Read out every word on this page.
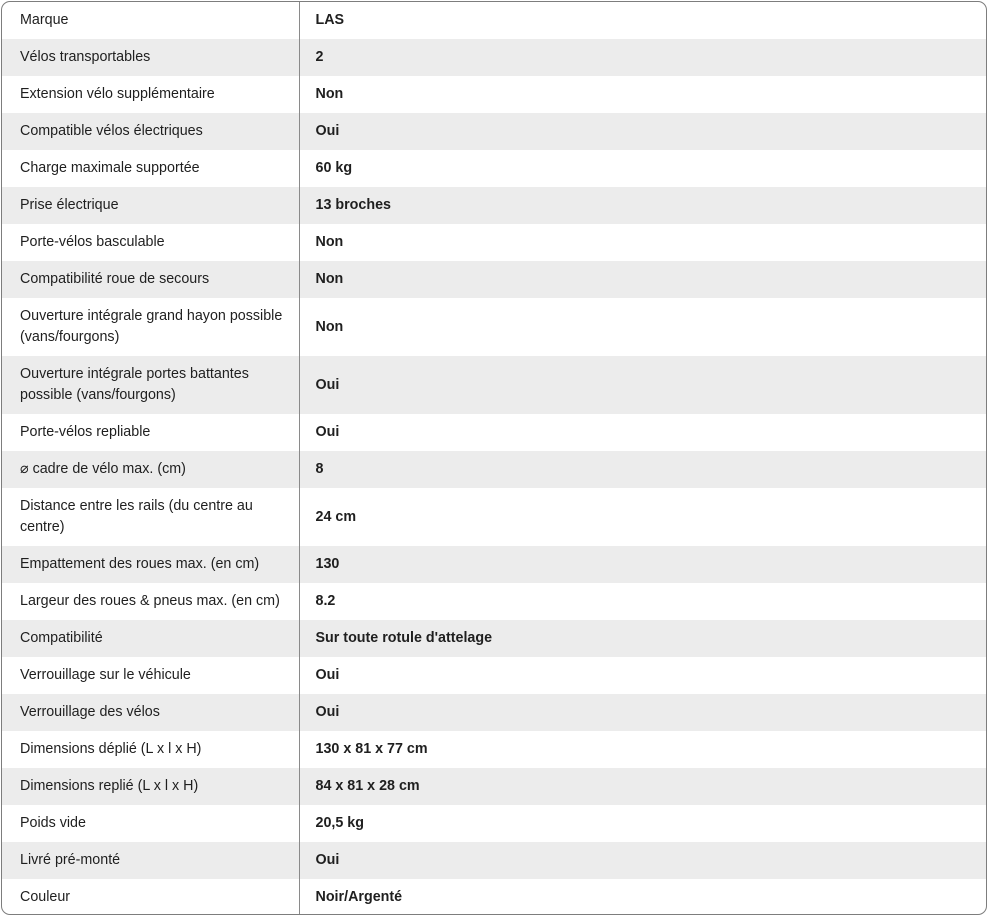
Marque	LAS
Vélos transportables	2
Extension vélo supplémentaire	Non
Compatible vélos électriques	Oui
Charge maximale supportée	60 kg
Prise électrique	13 broches
Porte-vélos basculable	Non
Compatibilité roue de secours	Non
Ouverture intégrale grand hayon possible (vans/fourgons)	Non
Ouverture intégrale portes battantes possible (vans/fourgons)	Oui
Porte-vélos repliable	Oui
⌀ cadre de vélo max. (cm)	8
Distance entre les rails (du centre au centre)	24 cm
Empattement des roues max. (en cm)	130
Largeur des roues & pneus max. (en cm)	8.2
Compatibilité	Sur toute rotule d'attelage
Verrouillage sur le véhicule	Oui
Verrouillage des vélos	Oui
Dimensions déplié (L x l x H)	130 x 81 x 77 cm
Dimensions replié (L x l x H)	84 x 81 x 28 cm
Poids vide	20,5 kg
Livré pré-monté	Oui
Couleur	Noir/Argenté
